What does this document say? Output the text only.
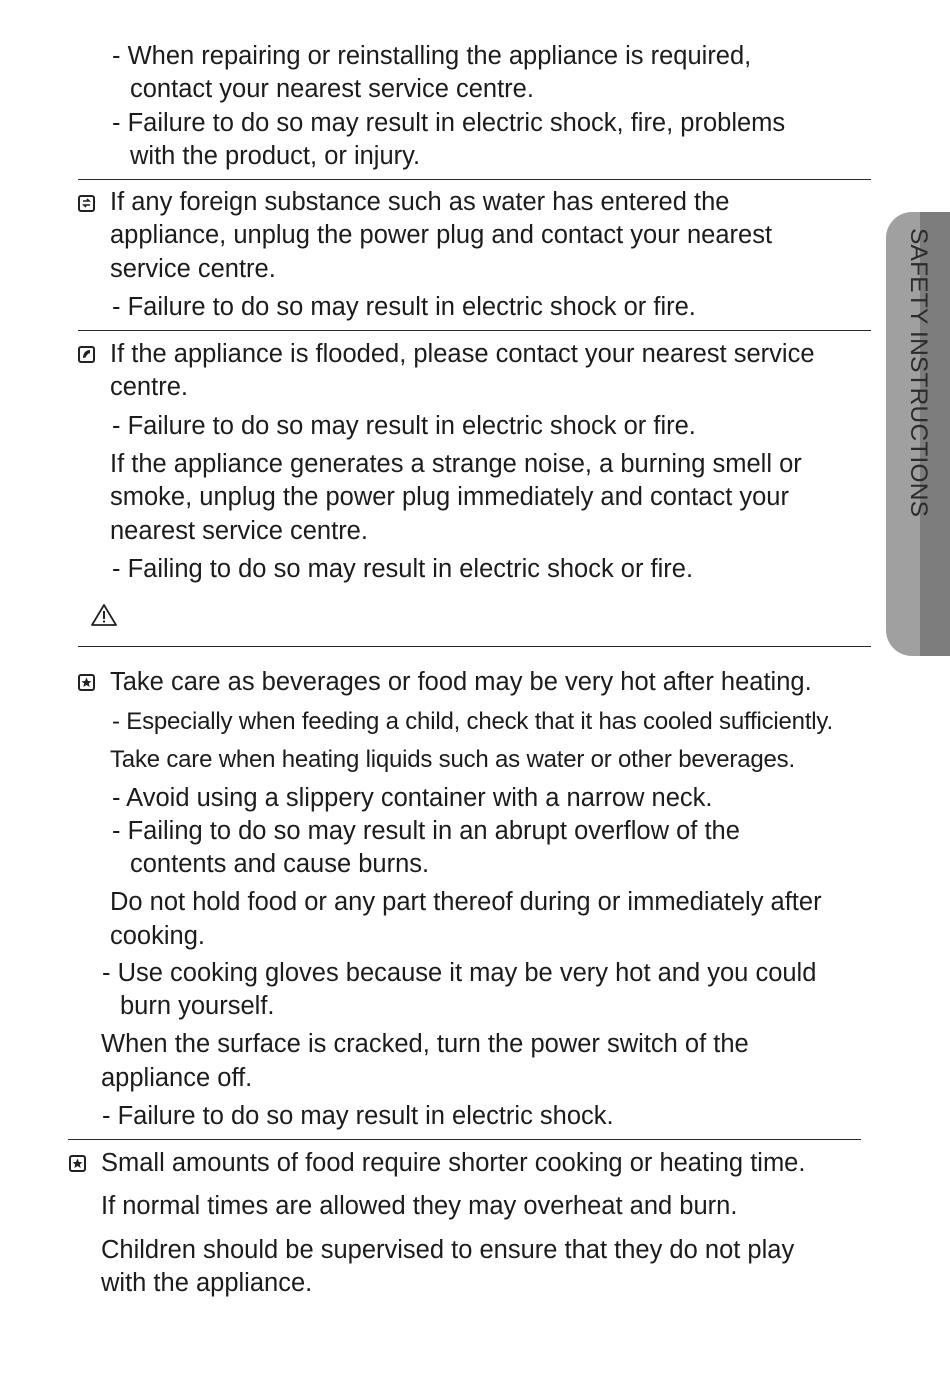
SAFETY INSTRUCTIONS
- When repairing or reinstalling the appliance is required,
contact your nearest service centre.
- Failure to do so may result in electric shock, fire, problems
with the product, or injury.
If any foreign substance such as water has entered the
appliance, unplug the power plug and contact your nearest
service centre.
- Failure to do so may result in electric shock or fire.
If the appliance is flooded, please contact your nearest service
centre.
- Failure to do so may result in electric shock or fire.
If the appliance generates a strange noise, a burning smell or
smoke, unplug the power plug immediately and contact your
nearest service centre.
- Failing to do so may result in electric shock or fire.
Take care as beverages or food may be very hot after heating.
- Especially when feeding a child, check that it has cooled sufficiently.
Take care when heating liquids such as water or other beverages.
- Avoid using a slippery container with a narrow neck.
- Failing to do so may result in an abrupt overflow of the
contents and cause burns.
Do not hold food or any part thereof during or immediately after
cooking.
- Use cooking gloves because it may be very hot and you could
burn yourself.
When the surface is cracked, turn the power switch of the
appliance off.
- Failure to do so may result in electric shock.
Small amounts of food require shorter cooking or heating time.
If normal times are allowed they may overheat and burn.
Children should be supervised to ensure that they do not play
with the appliance.
